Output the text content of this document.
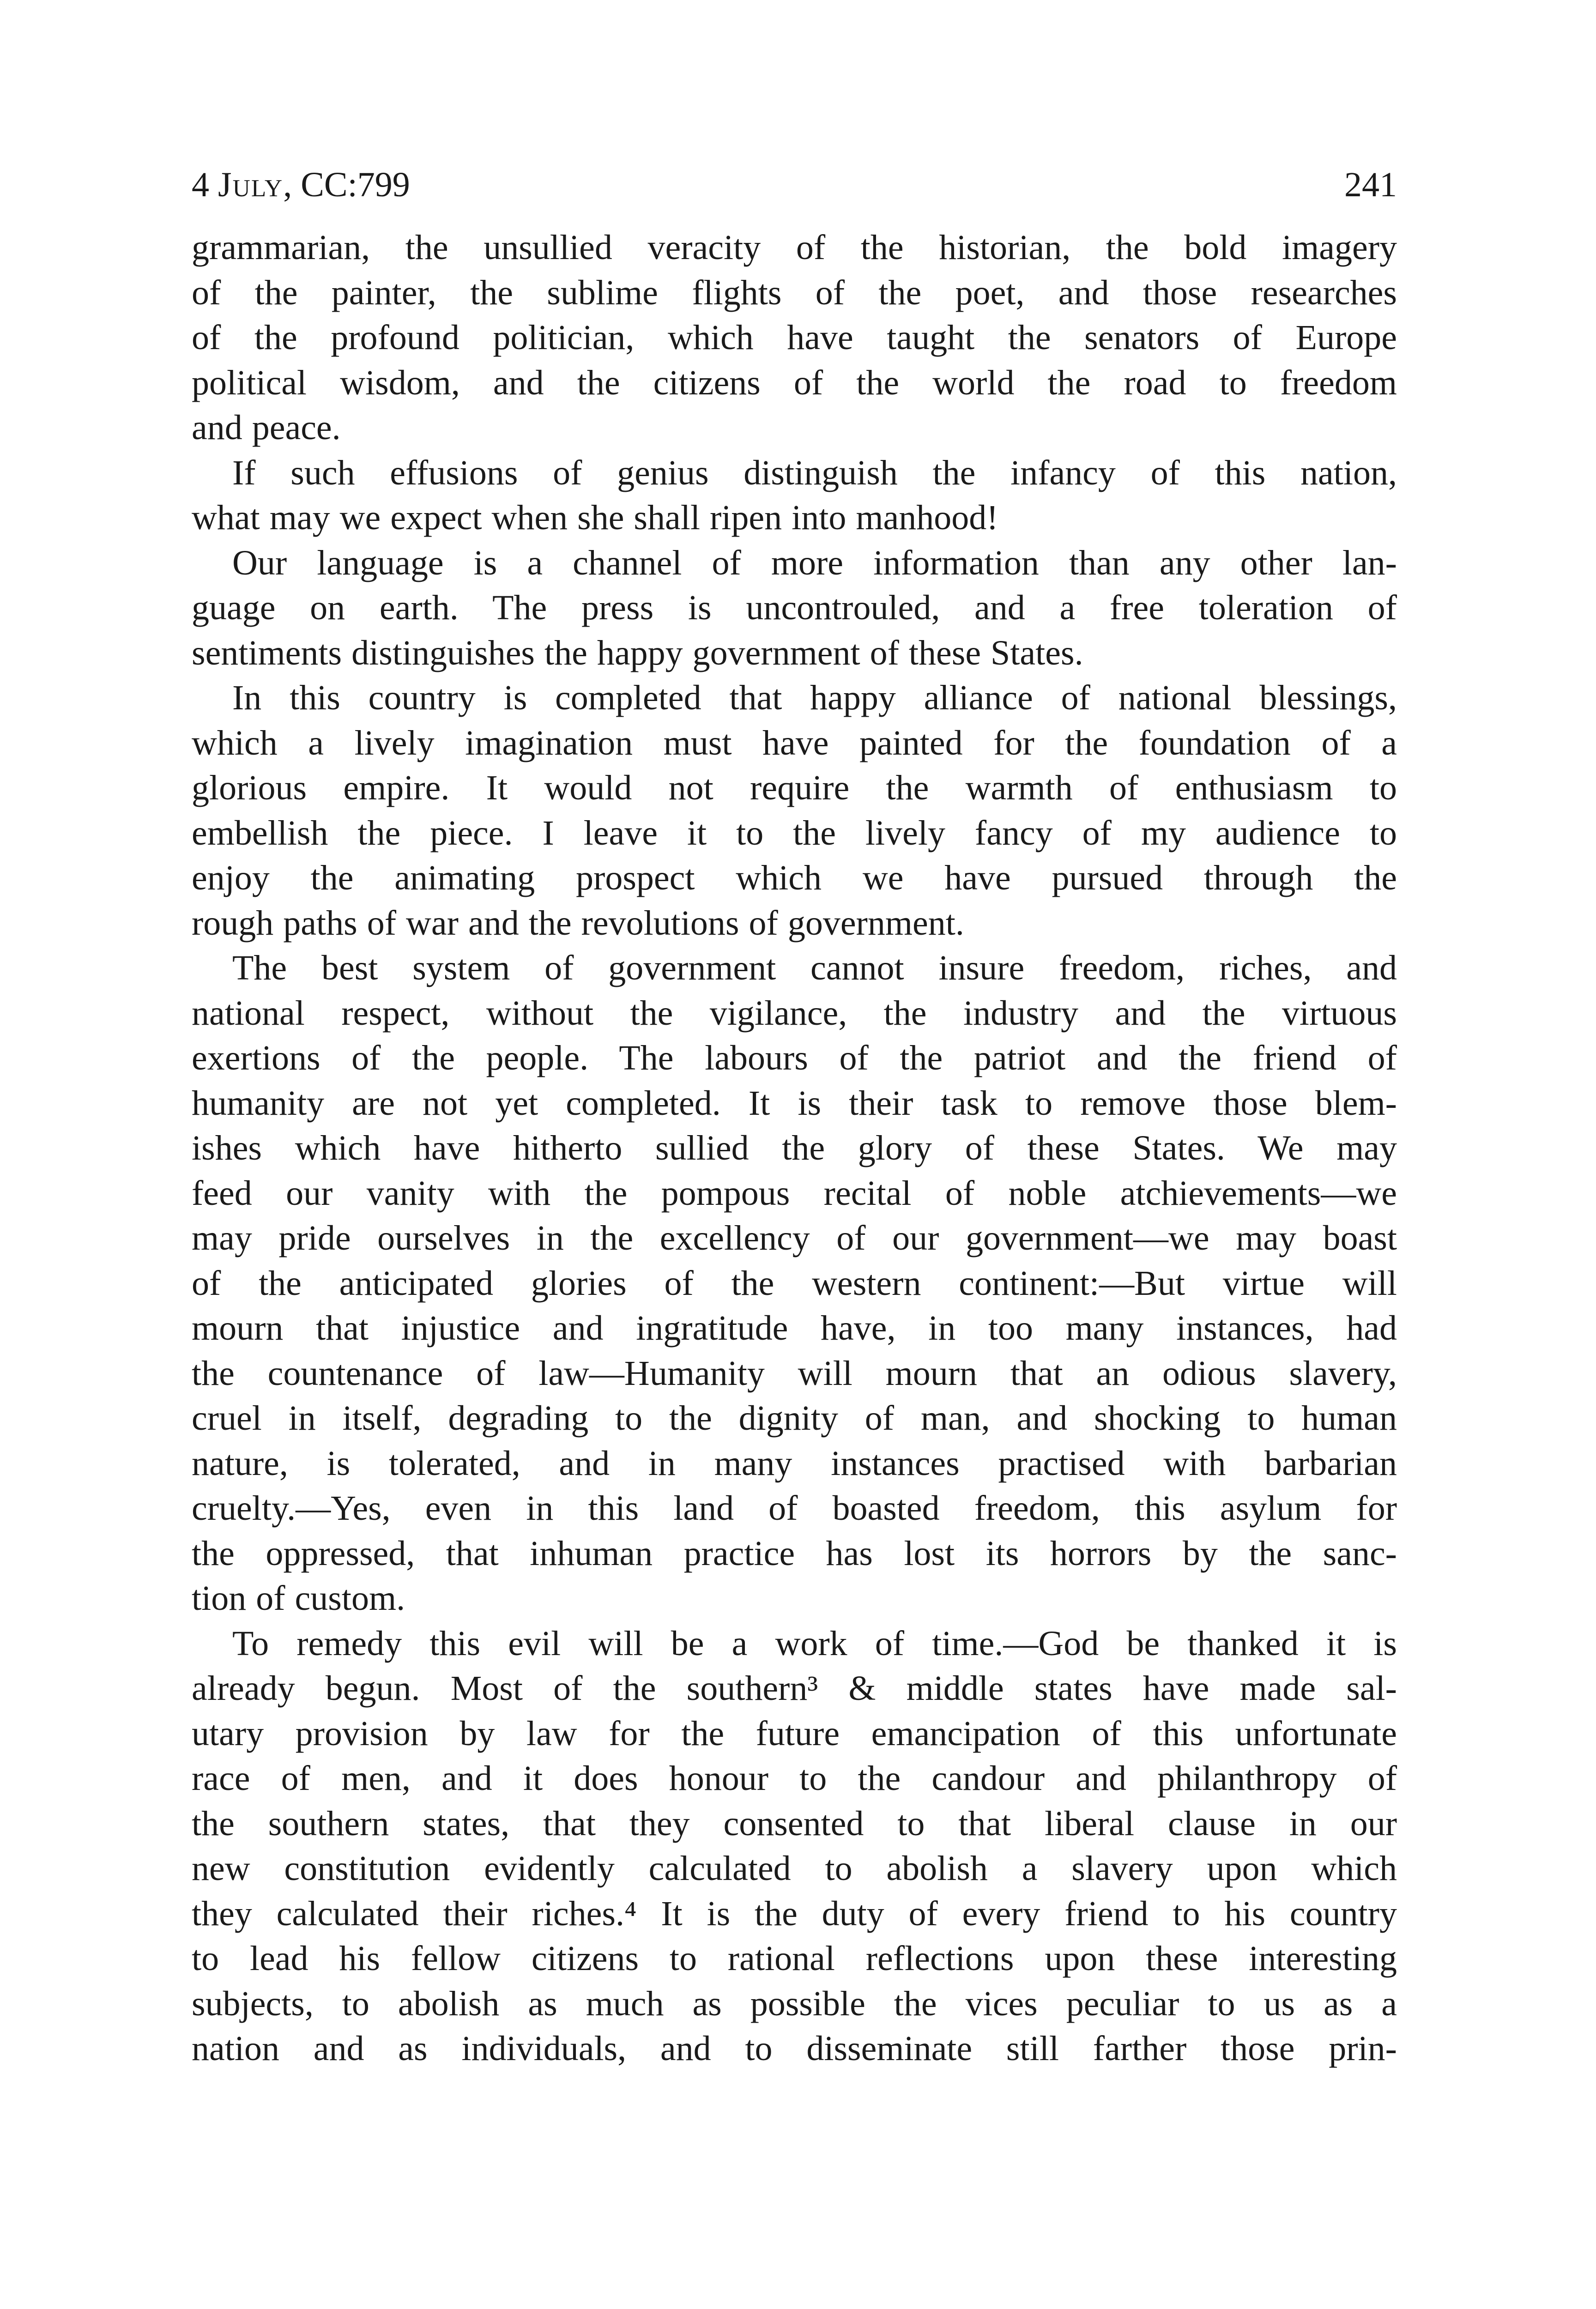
4 July, CC:799	241

grammarian, the unsullied veracity of the historian, the bold imagery
of the painter, the sublime flights of the poet, and those researches
of the profound politician, which have taught the senators of Europe
political wisdom, and the citizens of the world the road to freedom
and peace.

If such effusions of genius distinguish the infancy of this nation,
what may we expect when she shall ripen into manhood!

Our language is a channel of more information than any other lan-
guage on earth. The press is uncontrouled, and a free toleration of
sentiments distinguishes the happy government of these States.

In this country is completed that happy alliance of national blessings,
which a lively imagination must have painted for the foundation of a
glorious empire. It would not require the warmth of enthusiasm to
embellish the piece. I leave it to the lively fancy of my audience to
enjoy the animating prospect which we have pursued through the
rough paths of war and the revolutions of government.

The best system of government cannot insure freedom, riches, and
national respect, without the vigilance, the industry and the virtuous
exertions of the people. The labours of the patriot and the friend of
humanity are not yet completed. It is their task to remove those blem-
ishes which have hitherto sullied the glory of these States. We may
feed our vanity with the pompous recital of noble atchievements—we
may pride ourselves in the excellency of our government—we may boast
of the anticipated glories of the western continent:—But virtue will
mourn that injustice and ingratitude have, in too many instances, had
the countenance of law—Humanity will mourn that an odious slavery,
cruel in itself, degrading to the dignity of man, and shocking to human
nature, is tolerated, and in many instances practised with barbarian
cruelty.—Yes, even in this land of boasted freedom, this asylum for
the oppressed, that inhuman practice has lost its horrors by the sanc-
tion of custom.

To remedy this evil will be a work of time.—God be thanked it is
already begun. Most of the southern³ & middle states have made sal-
utary provision by law for the future emancipation of this unfortunate
race of men, and it does honour to the candour and philanthropy of
the southern states, that they consented to that liberal clause in our
new constitution evidently calculated to abolish a slavery upon which
they calculated their riches.⁴ It is the duty of every friend to his country
to lead his fellow citizens to rational reflections upon these interesting
subjects, to abolish as much as possible the vices peculiar to us as a
nation and as individuals, and to disseminate still farther those prin-
